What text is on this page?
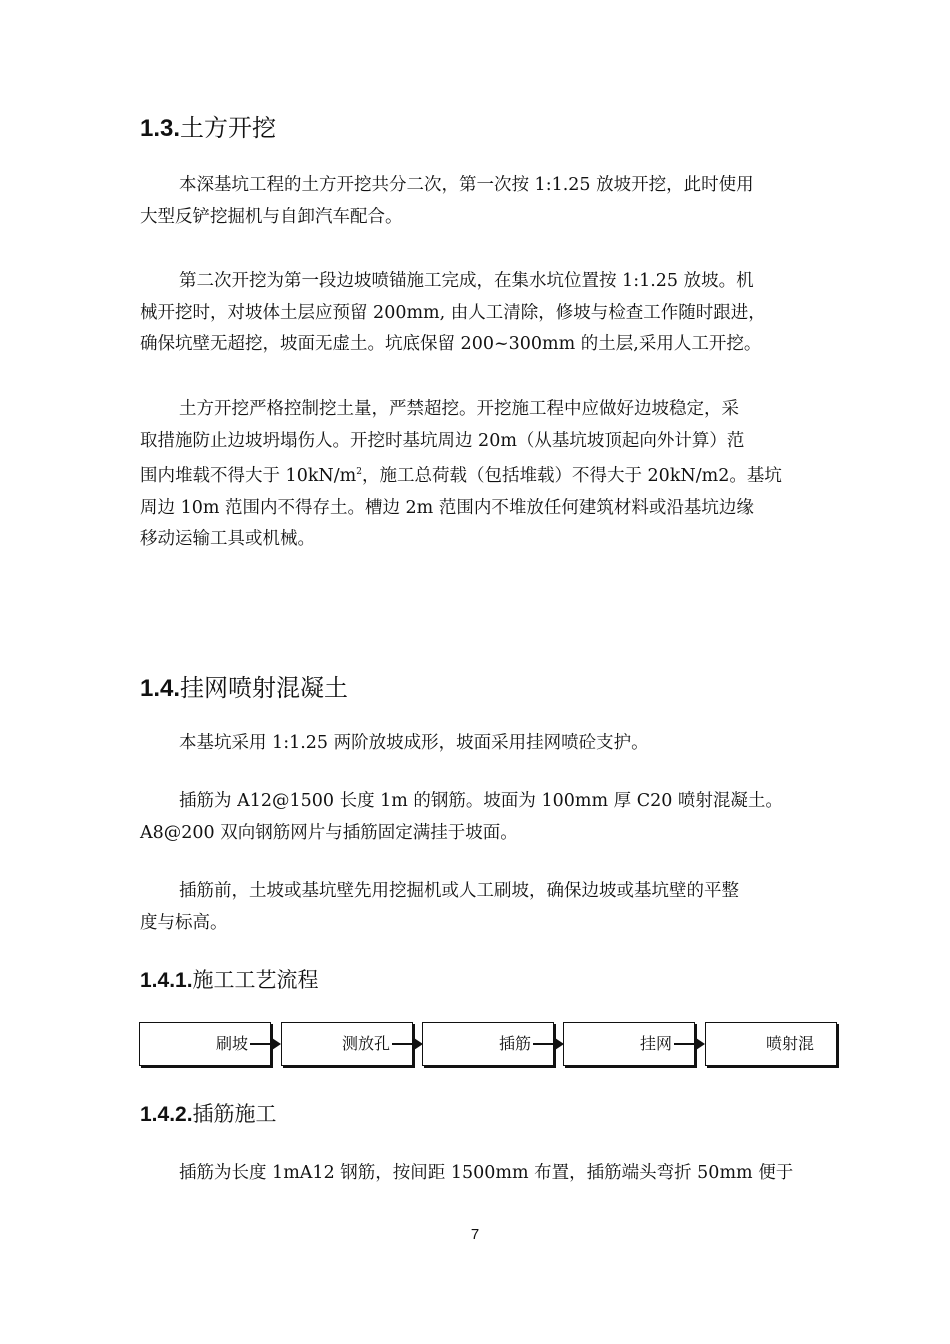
1.3.土方开挖

本深基坑工程的土方开挖共分二次，第一次按 1:1.25 放坡开挖，此时使用
大型反铲挖掘机与自卸汽车配合。

第二次开挖为第一段边坡喷锚施工完成，在集水坑位置按 1:1.25 放坡。机
械开挖时，对坡体土层应预留 200mm, 由人工清除，修坡与检查工作随时跟进，
确保坑壁无超挖，坡面无虚土。坑底保留 200~300mm 的土层,采用人工开挖。

土方开挖严格控制挖土量，严禁超挖。开挖施工程中应做好边坡稳定，采
取措施防止边坡坍塌伤人。开挖时基坑周边 20m（从基坑坡顶起向外计算）范
围内堆载不得大于 $10kN/m^2$，施工总荷载（包括堆载）不得大于 20kN/m2。基坑
周边 10m 范围内不得存土。槽边 2m 范围内不堆放任何建筑材料或沿基坑边缘
移动运输工具或机械。

1.4.挂网喷射混凝土

本基坑采用 1:1.25 两阶放坡成形，坡面采用挂网喷砼支护。

插筋为 A12@1500 长度 1m 的钢筋。坡面为 100mm 厚 C20 喷射混凝土。
A8@200 双向钢筋网片与插筋固定满挂于坡面。

插筋前，土坡或基坑壁先用挖掘机或人工刷坡，确保边坡或基坑壁的平整
度与标高。

1.4.1.施工工艺流程
刷坡	测放孔	插筋	挂网	喷射混
1.4.2.插筋施工

插筋为长度 1mA12 钢筋，按间距 1500mm 布置，插筋端头弯折 50mm 便于

7
